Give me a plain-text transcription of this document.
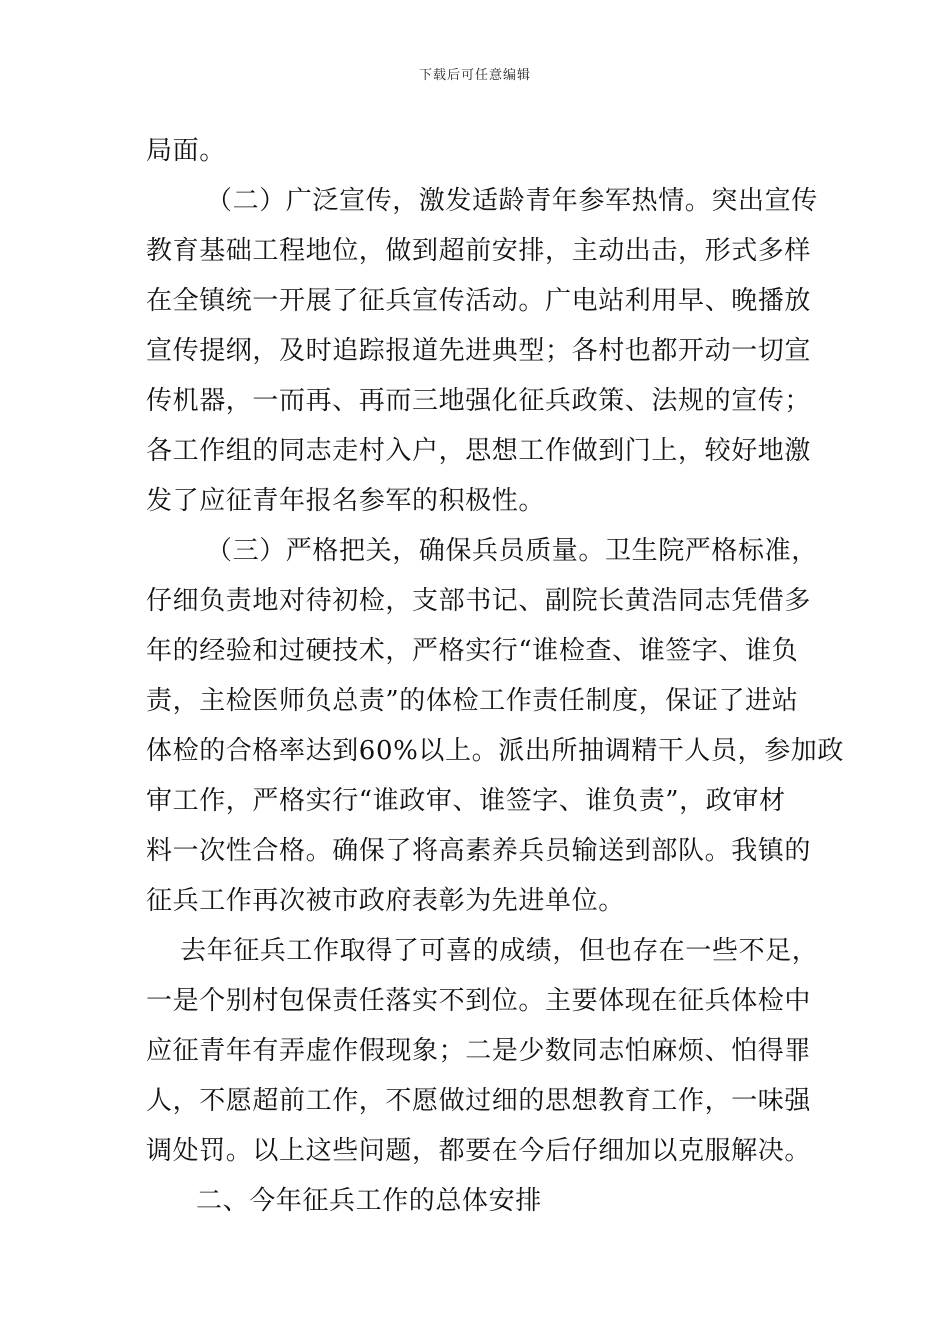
下载后可任意编辑
局面。
（二）广泛宣传，激发适龄青年参军热情。突出宣传
教育基础工程地位，做到超前安排，主动出击，形式多样
在全镇统一开展了征兵宣传活动。广电站利用早、晚播放
宣传提纲，及时追踪报道先进典型；各村也都开动一切宣
传机器，一而再、再而三地强化征兵政策、法规的宣传；
各工作组的同志走村入户，思想工作做到门上，较好地激
发了应征青年报名参军的积极性。
（三）严格把关，确保兵员质量。卫生院严格标准，
仔细负责地对待初检，支部书记、副院长黄浩同志凭借多
年的经验和过硬技术，严格实行“谁检查、谁签字、谁负
责，主检医师负总责”的体检工作责任制度，保证了进站
体检的合格率达到60%以上。派出所抽调精干人员，参加政
审工作，严格实行“谁政审、谁签字、谁负责”，政审材
料一次性合格。确保了将高素养兵员输送到部队。我镇的
征兵工作再次被市政府表彰为先进单位。
去年征兵工作取得了可喜的成绩，但也存在一些不足，
一是个别村包保责任落实不到位。主要体现在征兵体检中
应征青年有弄虚作假现象；二是少数同志怕麻烦、怕得罪
人，不愿超前工作，不愿做过细的思想教育工作，一味强
调处罚。以上这些问题，都要在今后仔细加以克服解决。
二、今年征兵工作的总体安排
